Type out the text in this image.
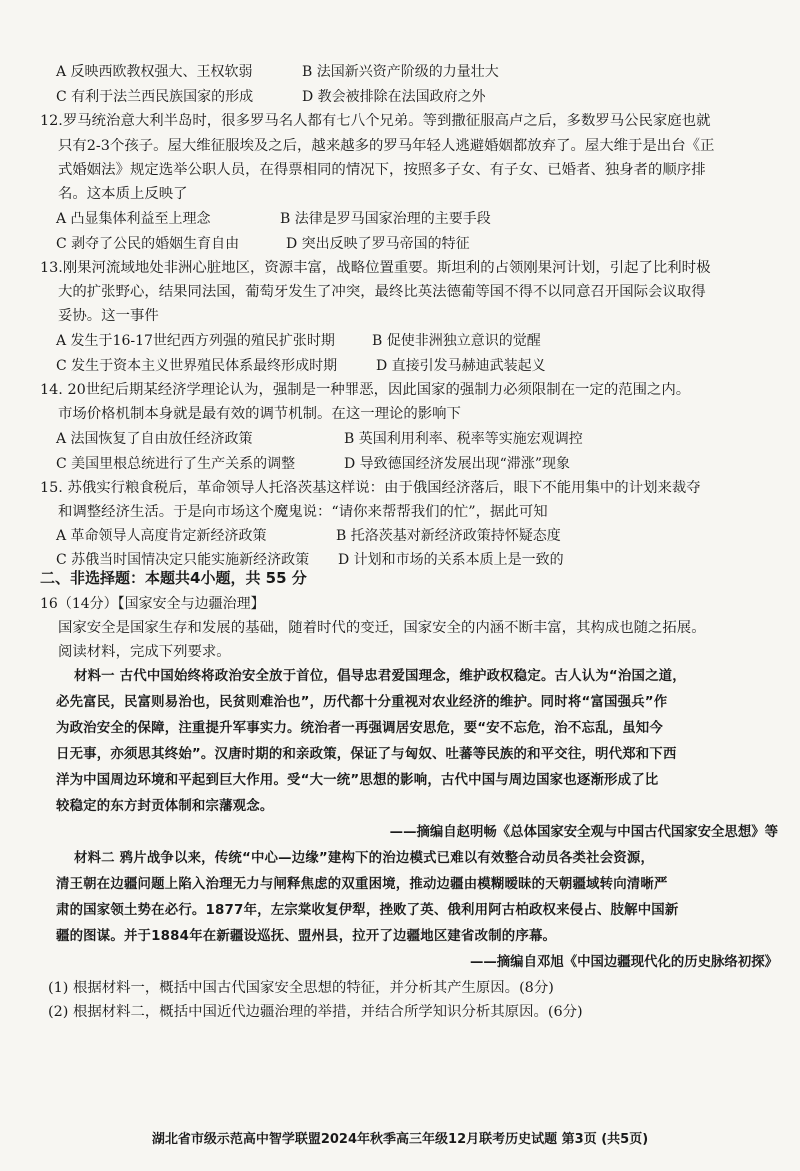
A 反映西欧教权强大、王权软弱	B 法国新兴资产阶级的力量壮大
C 有利于法兰西民族国家的形成	D 教会被排除在法国政府之外
12.罗马统治意大利半岛时，很多罗马名人都有七八个兄弟。等到撒征服高卢之后，多数罗马公民家庭也就
只有2-3个孩子。屋大维征服埃及之后，越来越多的罗马年轻人逃避婚姻都放弃了。屋大维于是出台《正
式婚姻法》规定选举公职人员，在得票相同的情况下，按照多子女、有子女、已婚者、独身者的顺序排
名。这本质上反映了
A 凸显集体利益至上理念	B 法律是罗马国家治理的主要手段
C 剥夺了公民的婚姻生育自由	D 突出反映了罗马帝国的特征
13.刚果河流域地处非洲心脏地区，资源丰富，战略位置重要。斯坦利的占领刚果河计划，引起了比利时极
大的扩张野心，结果同法国，葡萄牙发生了冲突，最终比英法德葡等国不得不以同意召开国际会议取得
妥协。这一事件
A 发生于16-17世纪西方列强的殖民扩张时期	B 促使非洲独立意识的觉醒
C 发生于资本主义世界殖民体系最终形成时期	D 直接引发马赫迪武装起义
14. 20世纪后期某经济学理论认为，强制是一种罪恶，因此国家的强制力必须限制在一定的范围之内。
市场价格机制本身就是最有效的调节机制。在这一理论的影响下
A 法国恢复了自由放任经济政策	B 英国利用利率、税率等实施宏观调控
C 美国里根总统进行了生产关系的调整	D 导致德国经济发展出现“滞涨”现象
15. 苏俄实行粮食税后，革命领导人托洛茨基这样说：由于俄国经济落后，眼下不能用集中的计划来裁夺
和调整经济生活。于是向市场这个魔鬼说：“请你来帮帮我们的忙”，据此可知
A 革命领导人高度肯定新经济政策	B 托洛茨基对新经济政策持怀疑态度
C 苏俄当时国情决定只能实施新经济政策 D 计划和市场的关系本质上是一致的
二、非选择题：本题共4小题，共 55 分
16（14分）【国家安全与边疆治理】
国家安全是国家生存和发展的基础，随着时代的变迁，国家安全的内涵不断丰富，其构成也随之拓展。
阅读材料，完成下列要求。
材料一 古代中国始终将政治安全放于首位，倡导忠君爱国理念，维护政权稳定。古人认为“治国之道，
必先富民，民富则易治也，民贫则难治也”，历代都十分重视对农业经济的维护。同时将“富国强兵”作
为政治安全的保障，注重提升军事实力。统治者一再强调居安思危，要“安不忘危，治不忘乱，虽知今
日无事，亦须思其终始”。汉唐时期的和亲政策，保证了与匈奴、吐蕃等民族的和平交往，明代郑和下西
洋为中国周边环境和平起到巨大作用。受“大一统”思想的影响，古代中国与周边国家也逐渐形成了比
较稳定的东方封贡体制和宗藩观念。
——摘编自赵明畅《总体国家安全观与中国古代国家安全思想》等
材料二 鸦片战争以来，传统“中心—边缘”建构下的治边模式已难以有效整合动员各类社会资源，
清王朝在边疆问题上陷入治理无力与闸释焦虑的双重困境，推动边疆由模糊暧昧的天朝疆域转向清晰严
肃的国家领土势在必行。1877年，左宗棠收复伊犁，挫败了英、俄利用阿古柏政权来侵占、肢解中国新
疆的图谋。并于1884年在新疆设巡抚、盟州县，拉开了边疆地区建省改制的序幕。
——摘编自邓旭《中国边疆现代化的历史脉络初探》
(1) 根据材料一，概括中国古代国家安全思想的特征，并分析其产生原因。(8分)
(2) 根据材料二，概括中国近代边疆治理的举措，并结合所学知识分析其原因。(6分)
湖北省市级示范高中智学联盟2024年秋季高三年级12月联考历史试题 第3页 (共5页)
